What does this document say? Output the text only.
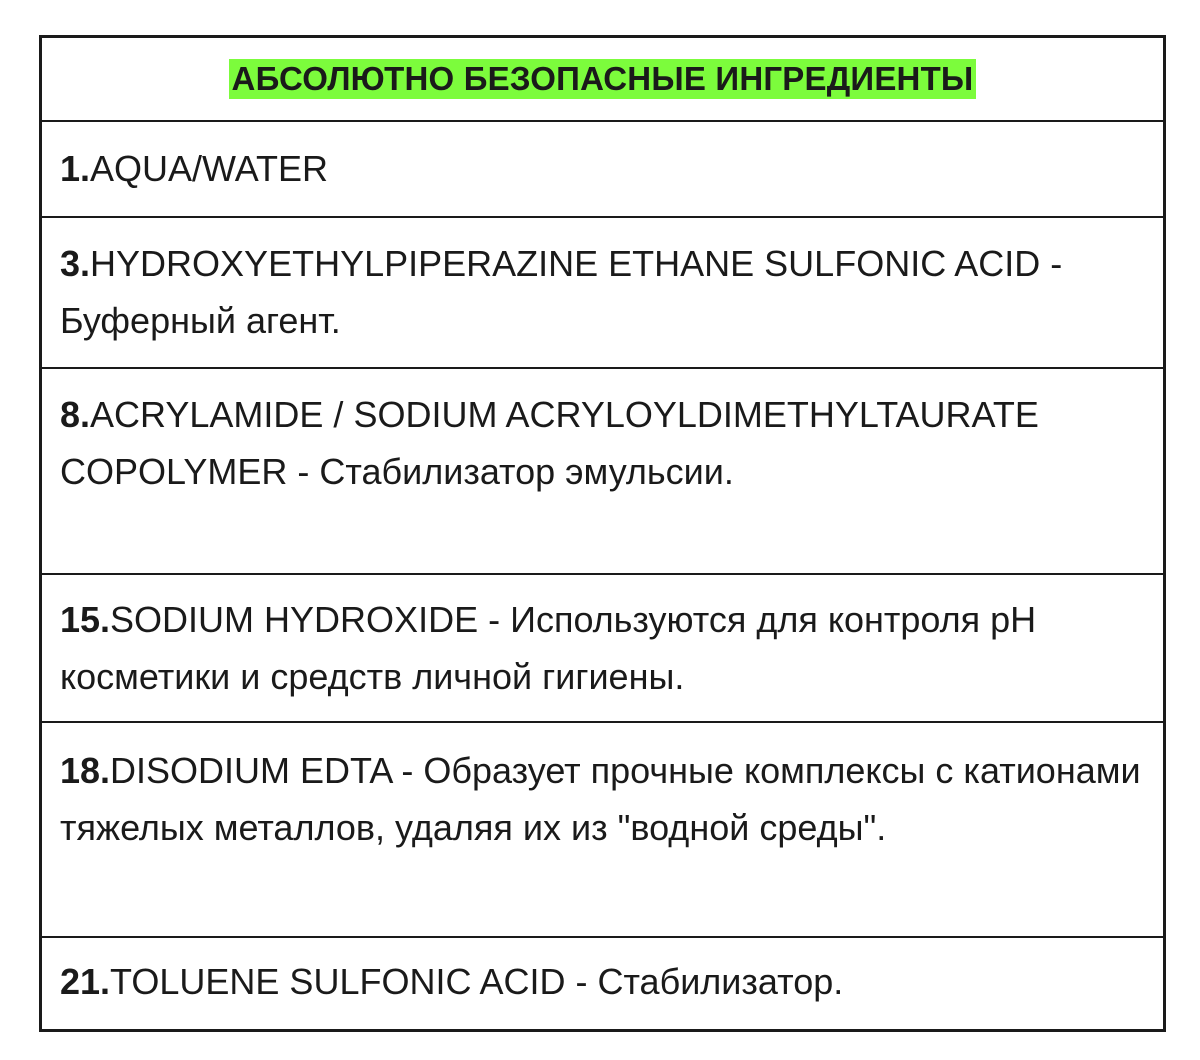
АБСОЛЮТНО БЕЗОПАСНЫЕ ИНГРЕДИЕНТЫ
1.AQUA/WATER
3.HYDROXYETHYLPIPERAZINE ETHANE SULFONIC ACID - Буферный агент.
8.ACRYLAMIDE / SODIUM ACRYLOYLDIMETHYLTAURATE COPOLYMER - Стабилизатор эмульсии.
15.SODIUM HYDROXIDE - Используются для контроля pH косметики и средств личной гигиены.
18.DISODIUM EDTA - Образует прочные комплексы с катионами тяжелых металлов, удаляя их из "водной среды".
21.TOLUENE SULFONIC ACID - Стабилизатор.
